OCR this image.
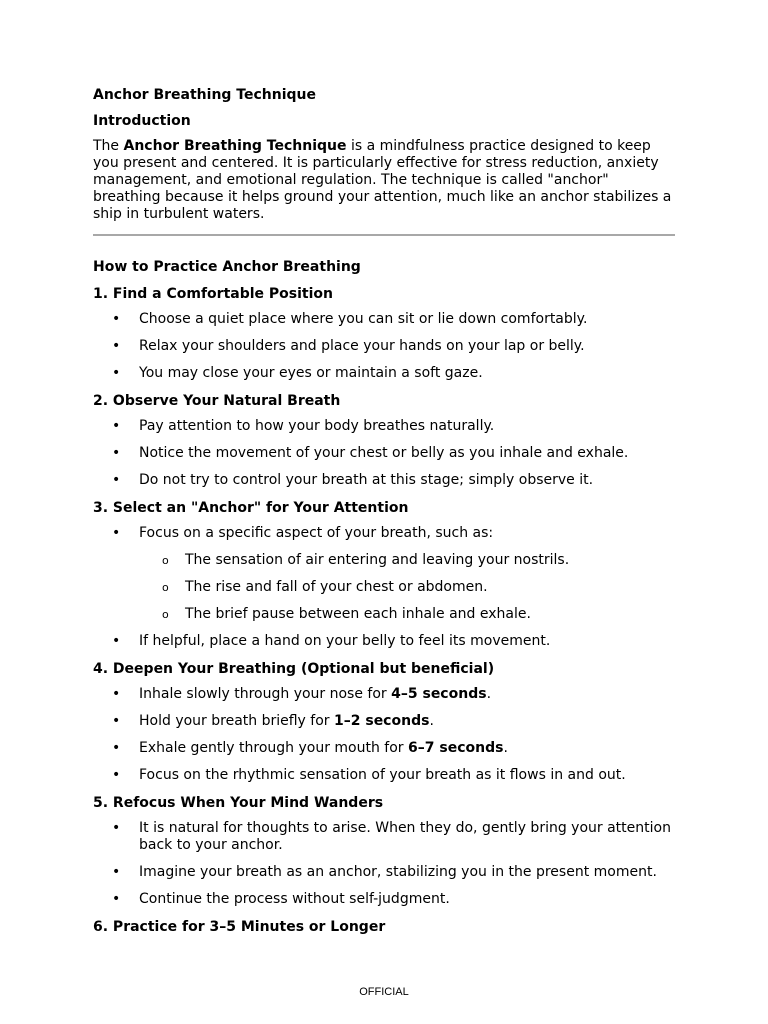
Anchor Breathing Technique
Introduction

The Anchor Breathing Technique is a mindfulness practice designed to keep you present and centered. It is particularly effective for stress reduction, anxiety management, and emotional regulation. The technique is called "anchor" breathing because it helps ground your attention, much like an anchor stabilizes a ship in turbulent waters.

How to Practice Anchor Breathing
1. Find a Comfortable Position
• Choose a quiet place where you can sit or lie down comfortably.
• Relax your shoulders and place your hands on your lap or belly.
• You may close your eyes or maintain a soft gaze.
2. Observe Your Natural Breath
• Pay attention to how your body breathes naturally.
• Notice the movement of your chest or belly as you inhale and exhale.
• Do not try to control your breath at this stage; simply observe it.
3. Select an "Anchor" for Your Attention
• Focus on a specific aspect of your breath, such as:
o The sensation of air entering and leaving your nostrils.
o The rise and fall of your chest or abdomen.
o The brief pause between each inhale and exhale.
• If helpful, place a hand on your belly to feel its movement.
4. Deepen Your Breathing (Optional but beneficial)
• Inhale slowly through your nose for 4–5 seconds.
• Hold your breath briefly for 1–2 seconds.
• Exhale gently through your mouth for 6–7 seconds.
• Focus on the rhythmic sensation of your breath as it flows in and out.
5. Refocus When Your Mind Wanders
• It is natural for thoughts to arise. When they do, gently bring your attention back to your anchor.
• Imagine your breath as an anchor, stabilizing you in the present moment.
• Continue the process without self-judgment.
6. Practice for 3–5 Minutes or Longer
OFFICIAL
